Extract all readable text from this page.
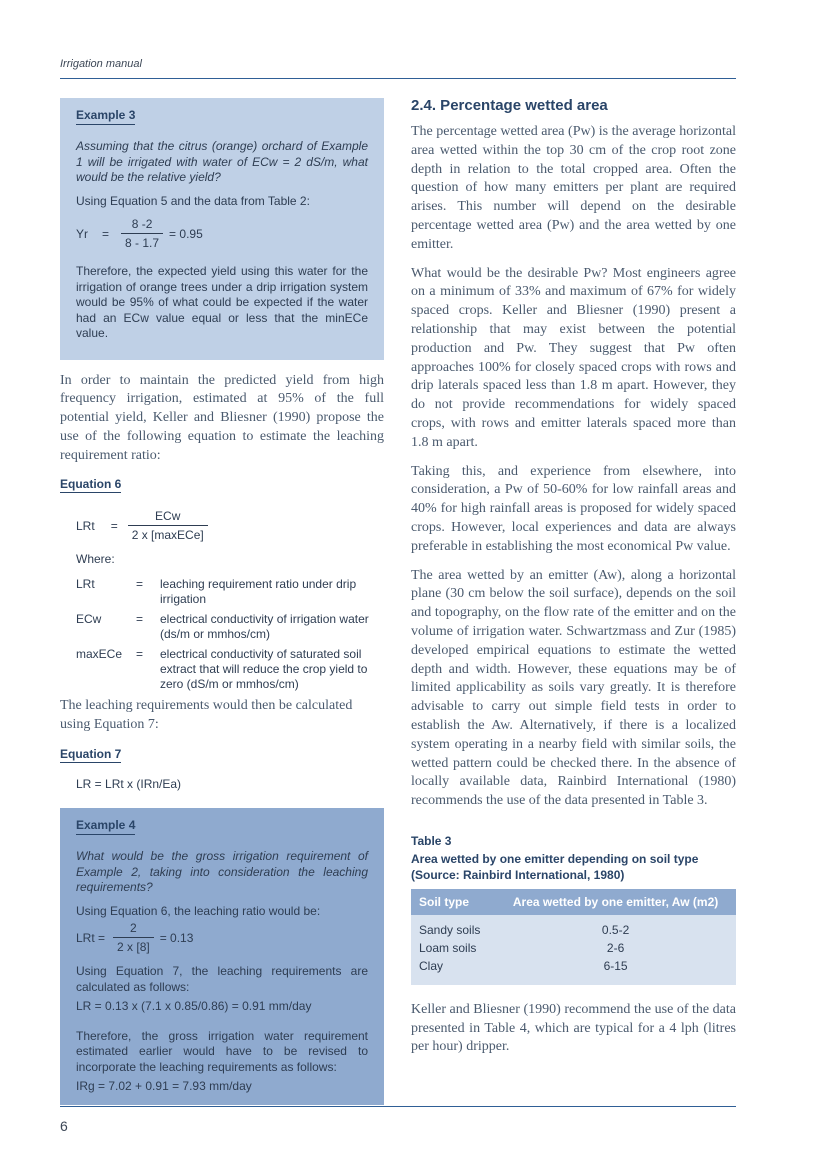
Irrigation manual
Example 3

Assuming that the citrus (orange) orchard of Example 1 will be irrigated with water of ECw = 2 dS/m, what would be the relative yield?

Using Equation 5 and the data from Table 2:

$Yr = \frac{8 -2}{8 - 1.7} = 0.95$

Therefore, the expected yield using this water for the irrigation of orange trees under a drip irrigation system would be 95% of what could be expected if the water had an ECw value equal or less that the minECe value.

In order to maintain the predicted yield from high frequency irrigation, estimated at 95% of the full potential yield, Keller and Bliesner (1990) propose the use of the following equation to estimate the leaching requirement ratio:

Equation 6
LRt = $\frac{\text{ECw}}{\text{2 x [maxECe]}}$
Where:
LRt	=	leaching requirement ratio under drip irrigation
ECw	=	electrical conductivity of irrigation water (ds/m or mmhos/cm)
maxECe	=	electrical conductivity of saturated soil extract that will reduce the crop yield to zero (dS/m or mmhos/cm)

The leaching requirements would then be calculated using Equation 7:

Equation 7
LR = LRt x (IRn/Ea)
Example 4

What would be the gross irrigation requirement of Example 2, taking into consideration the leaching requirements?

Using Equation 6, the leaching ratio would be:

LRt = $\frac{2}{2 x [8]} = 0.13$

Using Equation 7, the leaching requirements are calculated as follows:

LR = 0.13 x (7.1 x 0.85/0.86) = 0.91 mm/day

Therefore, the gross irrigation water requirement estimated earlier would have to be revised to incorporate the leaching requirements as follows:

IRg = 7.02 + 0.91 = 7.93 mm/day

2.4. Percentage wetted area

The percentage wetted area (Pw) is the average horizontal area wetted within the top 30 cm of the crop root zone depth in relation to the total cropped area. Often the question of how many emitters per plant are required arises. This number will depend on the desirable percentage wetted area (Pw) and the area wetted by one emitter.

What would be the desirable Pw? Most engineers agree on a minimum of 33% and maximum of 67% for widely spaced crops. Keller and Bliesner (1990) present a relationship that may exist between the potential production and Pw. They suggest that Pw often approaches 100% for closely spaced crops with rows and drip laterals spaced less than 1.8 m apart. However, they do not provide recommendations for widely spaced crops, with rows and emitter laterals spaced more than 1.8 m apart.

Taking this, and experience from elsewhere, into consideration, a Pw of 50-60% for low rainfall areas and 40% for high rainfall areas is proposed for widely spaced crops. However, local experiences and data are always preferable in establishing the most economical Pw value.

The area wetted by an emitter (Aw), along a horizontal plane (30 cm below the soil surface), depends on the soil and topography, on the flow rate of the emitter and on the volume of irrigation water. Schwartzmass and Zur (1985) developed empirical equations to estimate the wetted depth and width. However, these equations may be of limited applicability as soils vary greatly. It is therefore advisable to carry out simple field tests in order to establish the Aw. Alternatively, if there is a localized system operating in a nearby field with similar soils, the wetted pattern could be checked there. In the absence of locally available data, Rainbird International (1980) recommends the use of the data presented in Table 3.

Table 3
Area wetted by one emitter depending on soil type
(Source: Rainbird International, 1980)
Soil type	Area wetted by one emitter, Aw (m2)
Sandy soils	0.5-2
Loam soils	2-6
Clay	6-15

Keller and Bliesner (1990) recommend the use of the data presented in Table 4, which are typical for a 4 lph (litres per hour) dripper.

6
